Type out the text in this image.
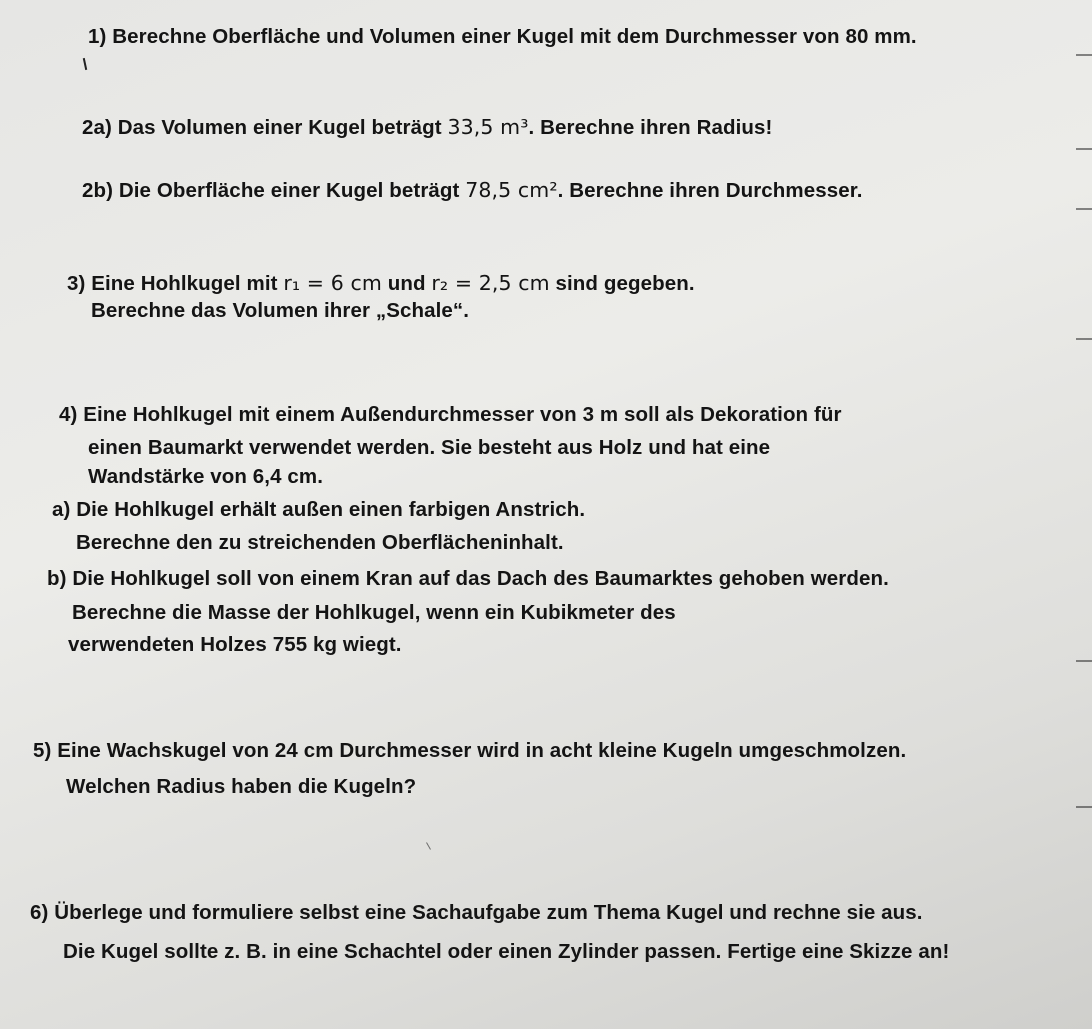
1) Berechne Oberfläche und Volumen einer Kugel mit dem Durchmesser von 80 mm.
2a) Das Volumen einer Kugel beträgt 33,5 m³. Berechne ihren Radius!
2b) Die Oberfläche einer Kugel beträgt 78,5 cm². Berechne ihren Durchmesser.
3) Eine Hohlkugel mit r₁ = 6 cm und r₂ = 2,5 cm sind gegeben.
Berechne das Volumen ihrer „Schale“.
4) Eine Hohlkugel mit einem Außendurchmesser von 3 m soll als Dekoration für
einen Baumarkt verwendet werden. Sie besteht aus Holz und hat eine
Wandstärke von 6,4 cm.
a) Die Hohlkugel erhält außen einen farbigen Anstrich.
Berechne den zu streichenden Oberflächeninhalt.
b) Die Hohlkugel soll von einem Kran auf das Dach des Baumarktes gehoben werden.
Berechne die Masse der Hohlkugel, wenn ein Kubikmeter des
verwendeten Holzes 755 kg wiegt.
5) Eine Wachskugel von 24 cm Durchmesser wird in acht kleine Kugeln umgeschmolzen.
Welchen Radius haben die Kugeln?
6) Überlege und formuliere selbst eine Sachaufgabe zum Thema Kugel und rechne sie aus.
Die Kugel sollte z. B. in eine Schachtel oder einen Zylinder passen. Fertige eine Skizze an!
